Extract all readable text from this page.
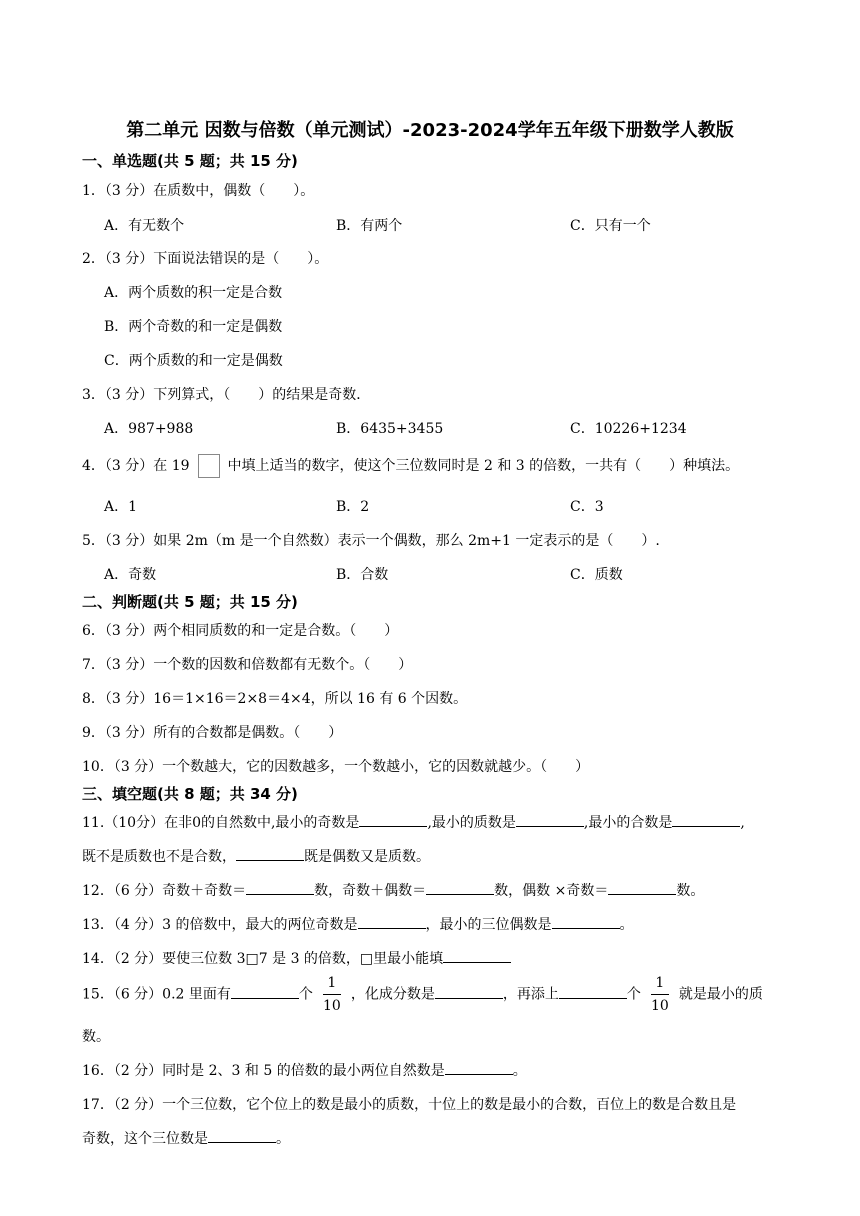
第二单元 因数与倍数（单元测试）-2023-2024学年五年级下册数学人教版
一、单选题(共 5 题；共 15 分)
1．（3 分）在质数中，偶数（　　）。
A．有无数个	B．有两个	C．只有一个
2．（3 分）下面说法错误的是（　　）。
A．两个质数的积一定是合数
B．两个奇数的和一定是偶数
C．两个质数的和一定是偶数
3．（3 分）下列算式，（　　）的结果是奇数．
A．987+988	B．6435+3455	C．10226+1234
4．（3 分）在 19	中填上适当的数字，使这个三位数同时是 2 和 3 的倍数，一共有（　　）种填法。
A．1	B．2	C．3
5．（3 分）如果 2m（m 是一个自然数）表示一个偶数，那么 2m+1 一定表示的是（　　）.
A．奇数	B．合数	C．质数
二、判断题(共 5 题；共 15 分)
6．（3 分）两个相同质数的和一定是合数。（　　）
7．（3 分）一个数的因数和倍数都有无数个。（　　）
8．（3 分）16＝1×16＝2×8＝4×4，所以 16 有 6 个因数。
9．（3 分）所有的合数都是偶数。（　　）
10．（3 分）一个数越大，它的因数越多，一个数越小，它的因数就越少。（　　）
三、填空题(共 8 题；共 34 分)
11.（10分）在非0的自然数中,最小的奇数是	,最小的质数是	,最小的合数是	,
既不是质数也不是合数，	既是偶数又是质数。
12．（6 分）奇数＋奇数＝	数，奇数＋偶数＝	数，偶数 ×奇数＝	数。
13．（4 分）3 的倍数中，最大的两位奇数是	，最小的三位偶数是	。
14．（2 分）要使三位数 3□7 是 3 的倍数，□里最小能填
15．（6 分）0.2 里面有	个 $\frac{1}{10}$ ，化成分数是	，再添上	个 $\frac{1}{10}$ 就是最小的质
数。
16．（2 分）同时是 2、3 和 5 的倍数的最小两位自然数是	。
17．（2 分）一个三位数，它个位上的数是最小的质数，十位上的数是最小的合数，百位上的数是合数且是
奇数，这个三位数是	。
